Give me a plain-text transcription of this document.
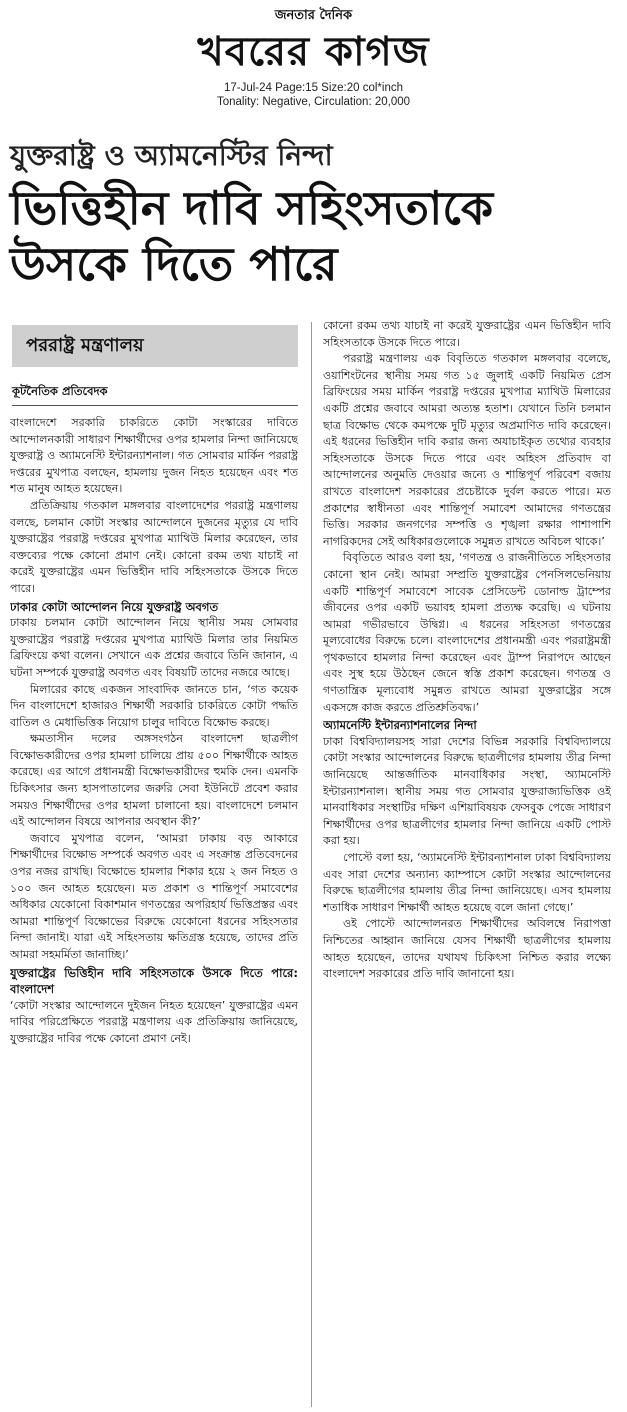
জনতার দৈনিক
খবরের কাগজ
17-Jul-24 Page:15 Size:20 col*inch
Tonality: Negative, Circulation: 20,000
যুক্তরাষ্ট্র ও অ্যামনেস্টির নিন্দা
ভিত্তিহীন দাবি সহিংসতাকে উসকে দিতে পারে
পররাষ্ট্র মন্ত্রণালয়
কূটনৈতিক প্রতিবেদক

বাংলাদেশে সরকারি চাকরিতে কোটা সংস্কারের দাবিতে আন্দোলনকারী সাধারণ শিক্ষার্থীদের ওপর হামলার নিন্দা জানিয়েছে যুক্তরাষ্ট্র ও অ্যামনেস্টি ইন্টারন্যাশনাল। গত সোমবার মার্কিন পররাষ্ট্র দপ্তরের মুখপাত্র বলছেন, হামলায় দুজন নিহত হয়েছেন এবং শত শত মানুষ আহত হয়েছেন।

প্রতিক্রিয়ায় গতকাল মঙ্গলবার বাংলাদেশের পররাষ্ট্র মন্ত্রণালয় বলছে, চলমান কোটা সংস্কার আন্দোলনে দুজনের মৃত্যুর যে দাবি যুক্তরাষ্ট্রের পররাষ্ট্র দপ্তরের মুখপাত্র ম্যাথিউ মিলার করেছেন, তার বক্তব্যের পক্ষে কোনো প্রমাণ নেই। কোনো রকম তথ্য যাচাই না করেই যুক্তরাষ্ট্রের এমন ভিত্তিহীন দাবি সহিংসতাকে উসকে দিতে পারে।

ঢাকার কোটা আন্দোলন নিয়ে যুক্তরাষ্ট্র অবগত

ঢাকায় চলমান কোটা আন্দোলন নিয়ে স্থানীয় সময় সোমবার যুক্তরাষ্ট্রের পররাষ্ট্র দপ্তরের মুখপাত্র ম্যাথিউ মিলার তার নিয়মিত ব্রিফিংয়ে কথা বলেন। সেখানে এক প্রশ্নের জবাবে তিনি জানান, এ ঘটনা সম্পর্কে যুক্তরাষ্ট্র অবগত এবং বিষয়টি তাদের নজরে আছে।

মিলারের কাছে একজন সাংবাদিক জানতে চান, ‘গত কয়েক দিন বাংলাদেশে হাজারও শিক্ষার্থী সরকারি চাকরিতে কোটা পদ্ধতি বাতিল ও মেধাভিত্তিক নিয়োগ চালুর দাবিতে বিক্ষোভ করছে।

ক্ষমতাসীন দলের অঙ্গসংগঠন বাংলাদেশ ছাত্রলীগ বিক্ষোভকারীদের ওপর হামলা চালিয়ে প্রায় ৫০০ শিক্ষার্থীকে আহত করেছে। এর আগে প্রধানমন্ত্রী বিক্ষোভকারীদের হুমকি দেন। এমনকি চিকিৎসার জন্য হাসপাতালের জরুরি সেবা ইউনিটে প্রবেশ করার সময়ও শিক্ষার্থীদের ওপর হামলা চালানো হয়। বাংলাদেশে চলমান এই আন্দোলন বিষয়ে আপনার অবস্থান কী?’

জবাবে মুখপাত্র বলেন, ‘আমরা ঢাকায় বড় আকারে শিক্ষার্থীদের বিক্ষোভ সম্পর্কে অবগত এবং এ সংক্রান্ত প্রতিবেদনের ওপর নজর রাখছি। বিক্ষোভে হামলার শিকার হয়ে ২ জন নিহত ও ১০০ জন আহত হয়েছেন। মত প্রকাশ ও শান্তিপূর্ণ সমাবেশের অধিকার যেকোনো বিকাশমান গণতন্ত্রের অপরিহার্য ভিত্তিপ্রস্তর এবং আমরা শান্তিপূর্ণ বিক্ষোভের বিরুদ্ধে যেকোনো ধরনের সহিংসতার নিন্দা জানাই। যারা এই সহিংসতায় ক্ষতিগ্রস্ত হয়েছে, তাদের প্রতি আমরা সহমর্মিতা জানাচ্ছি।’

যুক্তরাষ্ট্রের ভিত্তিহীন দাবি সহিংসতাকে উসকে দিতে পারে: বাংলাদেশ

‘কোটা সংস্কার আন্দোলনে দুইজন নিহত হয়েছেন’ যুক্তরাষ্ট্রের এমন দাবির পরিপ্রেক্ষিতে পররাষ্ট্র মন্ত্রণালয় এক প্রতিক্রিয়ায় জানিয়েছে, যুক্তরাষ্ট্রের দাবির পক্ষে কোনো প্রমাণ নেই।

কোনো রকম তথ্য যাচাই না করেই যুক্তরাষ্ট্রের এমন ভিত্তিহীন দাবি সহিংসতাকে উসকে দিতে পারে।

পররাষ্ট্র মন্ত্রণালয় এক বিবৃতিতে গতকাল মঙ্গলবার বলেছে, ওয়াশিংটনের স্থানীয় সময় গত ১৫ জুলাই একটি নিয়মিত প্রেস ব্রিফিংয়ের সময় মার্কিন পররাষ্ট্র দপ্তরের মুখপাত্র ম্যাথিউ মিলারের একটি প্রশ্নের জবাবে আমরা অত্যন্ত হতাশ। যেখানে তিনি চলমান ছাত্র বিক্ষোভ থেকে কমপক্ষে দুটি মৃত্যুর অপ্রমাণিত দাবি করেছেন। এই ধরনের ভিত্তিহীন দাবি করার জন্য অযাচাইকৃত তথ্যের ব্যবহার সহিংসতাকে উসকে দিতে পারে এবং অহিংস প্রতিবাদ বা আন্দোলনের অনুমতি দেওয়ার জন্যে ও শান্তিপূর্ণ পরিবেশ বজায় রাখতে বাংলাদেশ সরকারের প্রচেষ্টাকে দুর্বল করতে পারে। মত প্রকাশের স্বাধীনতা এবং শান্তিপূর্ণ সমাবেশ আমাদের গণতন্ত্রের ভিত্তি। সরকার জনগণের সম্পত্তি ও শৃঙ্খলা রক্ষার পাশাপাশি নাগরিকদের সেই অধিকারগুলোকে সমুন্নত রাখতে অবিচল থাকে।’

বিবৃতিতে আরও বলা হয়, ‘গণতন্ত্র ও রাজনীতিতে সহিংসতার কোনো স্থান নেই। আমরা সম্প্রতি যুক্তরাষ্ট্রের পেনসিলভেনিয়ায় একটি শান্তিপূর্ণ সমাবেশে সাবেক প্রেসিডেন্ট ডোনাল্ড ট্রাম্পের জীবনের ওপর একটি ভয়াবহ হামলা প্রত্যক্ষ করেছি। এ ঘটনায় আমরা গভীরভাবে উদ্বিগ্ন। এ ধরনের সহিংসতা গণতন্ত্রের মূল্যবোধের বিরুদ্ধে চলে। বাংলাদেশের প্রধানমন্ত্রী এবং পররাষ্ট্রমন্ত্রী পৃথকভাবে হামলার নিন্দা করেছেন এবং ট্রাম্প নিরাপদে আছেন এবং সুস্থ হয়ে উঠছেন জেনে স্বস্তি প্রকাশ করেছেন। গণতন্ত্র ও গণতান্ত্রিক মূল্যবোধ সমুন্নত রাখতে আমরা যুক্তরাষ্ট্রের সঙ্গে একসঙ্গে কাজ করতে প্রতিশ্রুতিবদ্ধ।’

অ্যামনেস্টি ইন্টারন্যাশনালের নিন্দা

ঢাকা বিশ্ববিদ্যালয়সহ সারা দেশের বিভিন্ন সরকারি বিশ্ববিদ্যালয়ে কোটা সংস্কার আন্দোলনের বিরুদ্ধে ছাত্রলীগের হামলায় তীব্র নিন্দা জানিয়েছে আন্তর্জাতিক মানবাধিকার সংস্থা, অ্যামনেস্টি ইন্টারন্যাশনাল। স্থানীয় সময় গত সোমবার যুক্তরাজ্যভিত্তিক ওই মানবাধিকার সংস্থাটির দক্ষিণ এশিয়াবিষয়ক ফেসবুক পেজে সাধারণ শিক্ষার্থীদের ওপর ছাত্রলীগের হামলার নিন্দা জানিয়ে একটি পোস্ট করা হয়।

পোস্টে বলা হয়, ‘অ্যামনেস্টি ইন্টারন্যাশনাল ঢাকা বিশ্ববিদ্যালয় এবং সারা দেশের অন্যান্য ক্যাম্পাসে কোটা সংস্কার আন্দোলনের বিরুদ্ধে ছাত্রলীগের হামলায় তীব্র নিন্দা জানিয়েছে। এসব হামলায় শতাধিক সাধারণ শিক্ষার্থী আহত হয়েছে বলে জানা গেছে।’

ওই পোস্টে আন্দোলনরত শিক্ষার্থীদের অবিলম্বে নিরাপত্তা নিশ্চিতের আহ্বান জানিয়ে যেসব শিক্ষার্থী ছাত্রলীগের হামলায় আহত হয়েছেন, তাদের যথাযথ চিকিৎসা নিশ্চিত করার লক্ষ্যে বাংলাদেশ সরকারের প্রতি দাবি জানানো হয়।
